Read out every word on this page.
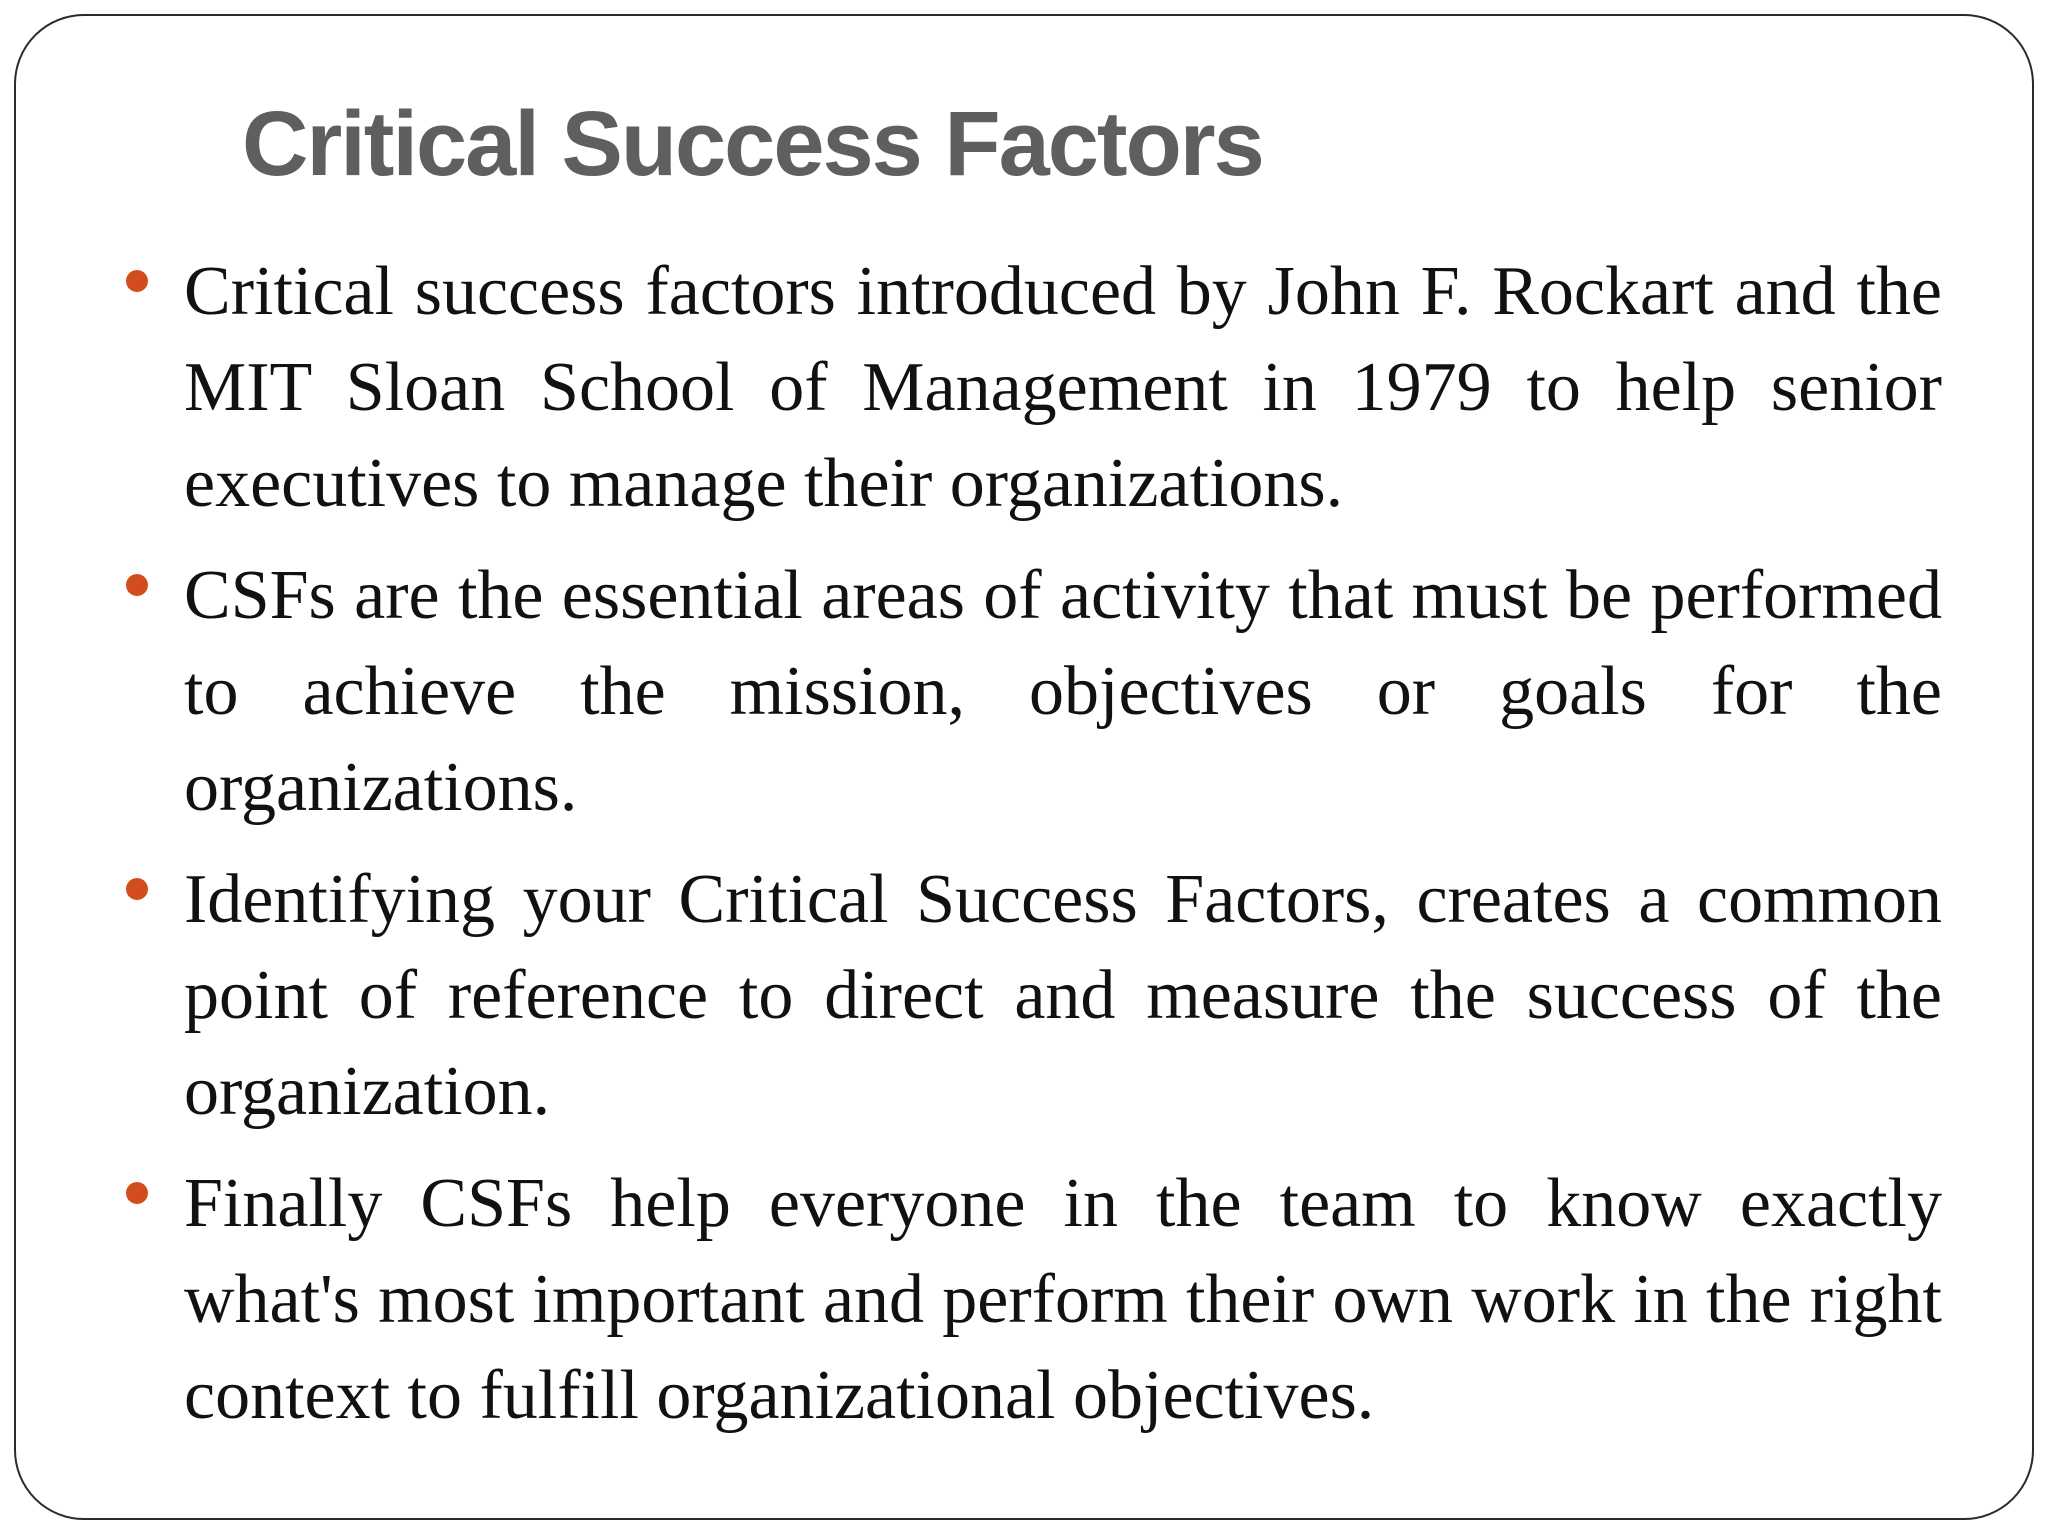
Critical Success Factors
Critical success factors introduced by John F. Rockart and the MIT Sloan School of Management in 1979 to help senior executives to manage their organizations.
CSFs are the essential areas of activity that must be performed to achieve the mission, objectives or goals for the organizations.
Identifying your Critical Success Factors, creates a common point of reference to direct and measure the success of the organization.
Finally CSFs help everyone in the team to know exactly what's most important and perform their own work in the right context to fulfill organizational objectives.
